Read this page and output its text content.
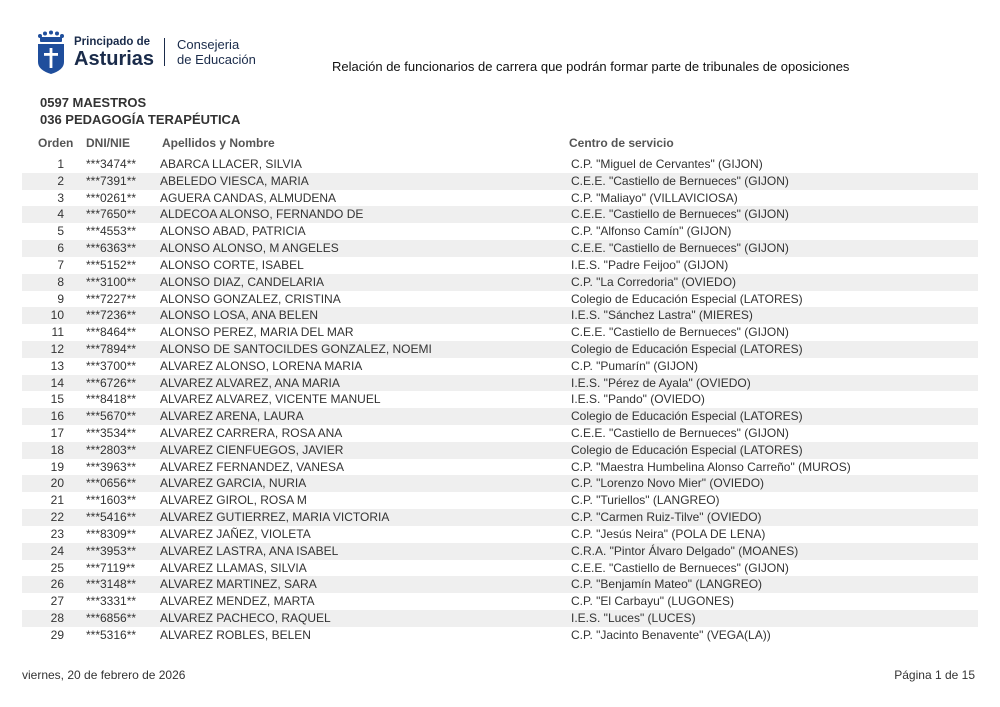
Principado de
Asturias
Consejeria
de Educación	Relación de funcionarios de carrera que podrán formar parte de tribunales de oposiciones
0597 MAESTROS
036 PEDAGOGÍA TERAPÉUTICA
Orden DNI/NIE	Apellidos y Nombre	Centro de servicio
1 ***3474** ABARCA LLACER, SILVIA	C.P. "Miguel de Cervantes" (GIJON)
2 ***7391** ABELEDO VIESCA, MARIA	C.E.E. "Castiello de Bernueces" (GIJON)
3 ***0261** AGUERA CANDAS, ALMUDENA	C.P. "Maliayo" (VILLAVICIOSA)
4 ***7650** ALDECOA ALONSO, FERNANDO DE	C.E.E. "Castiello de Bernueces" (GIJON)
5 ***4553** ALONSO ABAD, PATRICIA	C.P. "Alfonso Camín" (GIJON)
6 ***6363** ALONSO ALONSO, M ANGELES	C.E.E. "Castiello de Bernueces" (GIJON)
7 ***5152** ALONSO CORTE, ISABEL	I.E.S. "Padre Feijoo" (GIJON)
8 ***3100** ALONSO DIAZ, CANDELARIA	C.P. "La Corredoria" (OVIEDO)
9 ***7227** ALONSO GONZALEZ, CRISTINA	Colegio de Educación Especial (LATORES)
10 ***7236** ALONSO LOSA, ANA BELEN	I.E.S. "Sánchez Lastra" (MIERES)
11 ***8464** ALONSO PEREZ, MARIA DEL MAR	C.E.E. "Castiello de Bernueces" (GIJON)
12 ***7894** ALONSO DE SANTOCILDES GONZALEZ, NOEMI	Colegio de Educación Especial (LATORES)
13 ***3700** ALVAREZ ALONSO, LORENA MARIA	C.P. "Pumarín" (GIJON)
14 ***6726** ALVAREZ ALVAREZ, ANA MARIA	I.E.S. "Pérez de Ayala" (OVIEDO)
15 ***8418** ALVAREZ ALVAREZ, VICENTE MANUEL	I.E.S. "Pando" (OVIEDO)
16 ***5670** ALVAREZ ARENA, LAURA	Colegio de Educación Especial (LATORES)
17 ***3534** ALVAREZ CARRERA, ROSA ANA	C.E.E. "Castiello de Bernueces" (GIJON)
18 ***2803** ALVAREZ CIENFUEGOS, JAVIER	Colegio de Educación Especial (LATORES)
19 ***3963** ALVAREZ FERNANDEZ, VANESA	C.P. "Maestra Humbelina Alonso Carreño" (MUROS)
20 ***0656** ALVAREZ GARCIA, NURIA	C.P. "Lorenzo Novo Mier" (OVIEDO)
21 ***1603** ALVAREZ GIROL, ROSA M	C.P. "Turiellos" (LANGREO)
22 ***5416** ALVAREZ GUTIERREZ, MARIA VICTORIA	C.P. "Carmen Ruiz-Tilve" (OVIEDO)
23 ***8309** ALVAREZ JAÑEZ, VIOLETA	C.P. "Jesús Neira" (POLA DE LENA)
24 ***3953** ALVAREZ LASTRA, ANA ISABEL	C.R.A. "Pintor Álvaro Delgado" (MOANES)
25 ***7119** ALVAREZ LLAMAS, SILVIA	C.E.E. "Castiello de Bernueces" (GIJON)
26 ***3148** ALVAREZ MARTINEZ, SARA	C.P. "Benjamín Mateo" (LANGREO)
27 ***3331** ALVAREZ MENDEZ, MARTA	C.P. "El Carbayu" (LUGONES)
28 ***6856** ALVAREZ PACHECO, RAQUEL	I.E.S. "Luces" (LUCES)
29 ***5316** ALVAREZ ROBLES, BELEN	C.P. "Jacinto Benavente" (VEGA(LA))
viernes, 20 de febrero de 2026	Página 1 de 15
